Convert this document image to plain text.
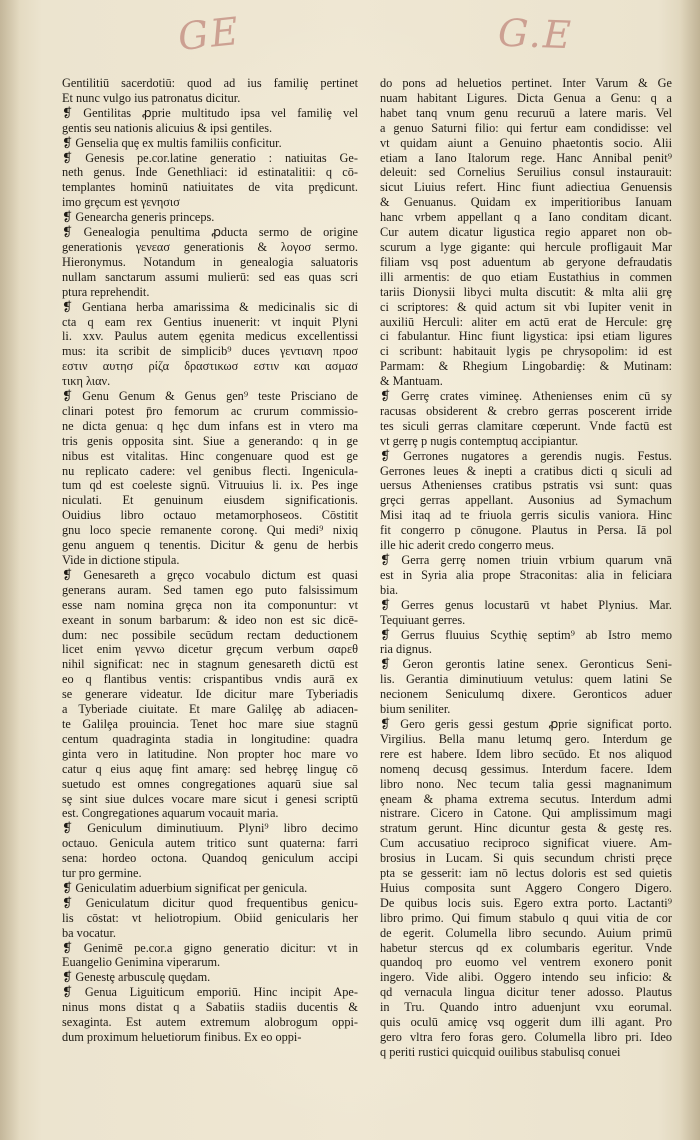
GE	G.E
Gentilitiū sacerdotiū: quod ad ius familiȩ pertinet
Et nunc vulgo ius patronatus dicitur.
❡ Gentilitas ꝓprie multitudo ipsa vel familiȩ vel
gentis seu nationis alicuius & ipsi gentiles.
❡ Genselia quȩ ex multis familiis conficitur.
❡ Genesis pe.cor.latine generatio : natiuitas Ge-
neth genus. Inde Genethliaci: id estinatalitii: q cō-
templantes hominū natiuitates de vita prȩdicunt.
imo grȩcum est γενησισ
❡ Genearcha generis princeps.
❡ Genealogia penultima ꝓducta sermo de origine
generationis γενεασ generationis & λογοσ sermo.
Hieronymus. Notandum in genealogia saluatoris
nullam sanctarum assumi mulierū: sed eas quas scri
ptura reprehendit.
❡ Gentiana herba amarissima & medicinalis sic di
cta q eam rex Gentius inuenerit: vt inquit Plyni
li. xxv. Paulus autem ęgenita medicus excellentissi
mus: ita scribit de simplicib⁹ duces γεντιανη προσ
εστιν αυτησ ρίζα δραστικωσ εστιν και ασμασ
τικη λιαν.
❡ Genu Genum & Genus gen⁹ teste Prisciano de
clinari potest p̄ro femorum ac crurum commissio-
ne dicta genua: q hȩc dum infans est in vtero ma
tris genis opposita sint. Siue a generando: q in ge
nibus est vitalitas. Hinc congenuare quod est ge
nu replicato cadere: vel genibus flecti. Ingenicula-
tum qd est coeleste signū. Vitruuius li. ix. Pes inge
niculati. Et genuinum eiusdem significationis.
Ouidius libro octauo metamorphoseos. Cōstitit
gnu loco specie remanente coronȩ. Qui medi⁹ nixiq
genu anguem q tenentis. Dicitur & genu de herbis
Vide in dictione stipula.
❡ Genesareth a grȩco vocabulo dictum est quasi
generans auram. Sed tamen ego puto falsissimum
esse nam nomina grȩca non ita componuntur: vt
exeant in sonum barbarum: & ideo non est sic dicē-
dum: nec possibile secūdum rectam deductionem
licet enim γεννω dicetur grȩcum verbum σαρεθ
nihil significat: nec in stagnum genesareth dictū est
eo q flantibus ventis: crispantibus vndis aurā ex
se generare videatur. Ide dicitur mare Tyberiadis
a Tyberiade ciuitate. Et mare Galilȩȩ ab adiacen-
te Galilȩa prouincia. Tenet hoc mare siue stagnū
centum quadraginta stadia in longitudine: quadra
ginta vero in latitudine. Non propter hoc mare vo
catur q eius aquȩ fint amarȩ: sed hebrȩȩ linguȩ cō
suetudo est omnes congregationes aquarū siue sal
sȩ sint siue dulces vocare mare sicut i genesi scriptū
est. Congregationes aquarum vocauit maria.
❡ Geniculum diminutiuum. Plyni⁹ libro decimo
octauo. Genicula autem tritico sunt quaterna: farri
sena: hordeo octona. Quandoq geniculum accipi
tur pro germine.
❡ Geniculatim aduerbium significat per genicula.
❡ Geniculatum dicitur quod frequentibus genicu-
lis cōstat: vt heliotropium. Obiid genicularis her
ba vocatur.
❡ Genimē pe.cor.a gigno generatio dicitur: vt in
Euangelio Genimina viperarum.
❡ Genestȩ arbusculȩ quȩdam.
❡ Genua Liguiticum emporiū. Hinc incipit Ape-
ninus mons distat q a Sabatiis stadiis ducentis &
sexaginta. Est autem extremum alobrogum oppi-
dum proximum heluetiorum finibus. Ex eo oppi-
do pons ad heluetios pertinet. Inter Varum & Ge
nuam habitant Ligures. Dicta Genua a Genu: q a
habet tanq vnum genu recuruū a latere maris. Vel
a genuo Saturni filio: qui fertur eam condidisse: vel
vt quidam aiunt a Genuino phaetontis socio. Alii
etiam a Iano Italorum rege. Hanc Annibal penit⁹
deleuit: sed Cornelius Seruilius consul instaurauit:
sicut Liuius refert. Hinc fiunt adiectiua Genuensis
& Genuanus. Quidam ex imperitioribus Ianuam
hanc vrbem appellant q a Iano conditam dicant.
Cur autem dicatur ligustica regio apparet non ob-
scurum a lyge gigante: qui hercule profligauit Mar
filiam vsq post aduentum ab geryone defraudatis
illi armentis: de quo etiam Eustathius in commen
tariis Dionysii libyci multa discutit: & mlta alii grȩ
ci scriptores: & quid actum sit vbi Iupiter venit in
auxiliū Herculi: aliter em actū erat de Hercule: grȩ
ci fabulantur. Hinc fiunt ligystica: ipsi etiam ligures
ci scribunt: habitauit lygis pe chrysopolim: id est
Parmam: & Rhegium Lingobardiȩ: & Mutinam:
& Mantuam.
❡ Gerrȩ crates vimineȩ. Athenienses enim cū sy
racusas obsiderent & crebro gerras poscerent irride
tes siculi gerras clamitare cœperunt. Vnde factū est
vt gerrȩ p nugis contemptuq accipiantur.
❡ Gerrones nugatores a gerendis nugis. Festus.
Gerrones leues & inepti a cratibus dicti q siculi ad
uersus Athenienses cratibus pstratis vsi sunt: quas
grȩci gerras appellant. Ausonius ad Symachum
Misi itaq ad te friuola gerris siculis vaniora. Hinc
fit congerro p cōnugone. Plautus in Persa. Iā pol
ille hic aderit credo congerro meus.
❡ Gerra gerrȩ nomen triuin vrbium quarum vnā
est in Syria alia prope Straconitas: alia in feliciara
bia.
❡ Gerres genus locustarū vt habet Plynius. Mar.
Tequiuant gerres.
❡ Gerrus fluuius Scythię septim⁹ ab Istro memo
ria dignus.
❡ Geron gerontis latine senex. Geronticus Seni-
lis. Gerantia diminutiuum vetulus: quem latini Se
necionem Seniculumq dixere. Geronticos aduer
bium seniliter.
❡ Gero geris gessi gestum ꝓprie significat porto.
Virgilius. Bella manu letumq gero. Interdum ge
rere est habere. Idem libro secūdo. Et nos aliquod
nomenq decusq gessimus. Interdum facere. Idem
libro nono. Nec tecum talia gessi magnanimum
ȩneam & phama extrema secutus. Interdum admi
nistrare. Cicero in Catone. Qui amplissimum magi
stratum gerunt. Hinc dicuntur gesta & gestȩ res.
Cum accusatiuo reciproco significat viuere. Am-
brosius in Lucam. Si quis secundum christi pręce
pta se gesserit: iam nō lectus doloris est sed quietis
Huius composita sunt Aggero Congero Digero.
De quibus locis suis. Egero extra porto. Lactanti⁹
libro primo. Qui fimum stabulo q quui vitia de cor
de egerit. Columella libro secundo. Auium primū
habetur stercus qd ex columbaris egeritur. Vnde
quandoq pro euomo vel ventrem exonero ponit
ingero. Vide alibi. Oggero intendo seu inficio: &
qd vernacula lingua dicitur tener adosso. Plautus
in Tru. Quando intro aduenjunt vxu eorumal.
quis oculū amicȩ vsq oggerit dum illi agant. Pro
gero vltra fero foras gero. Columella libro pri. Ideo
q periti rustici quicquid ouilibus stabulisq conuei
